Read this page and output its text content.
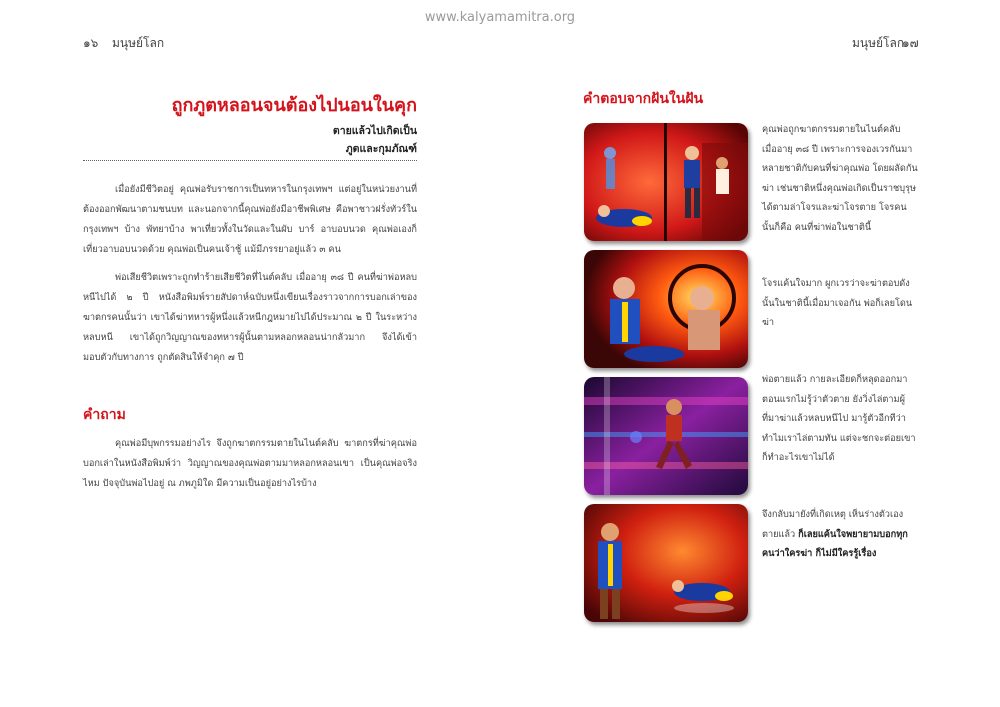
www.kalyamamitra.org
๑๖ มนุษย์โลก	มนุษย์โลก
๑๗
ถูกภูตหลอนจนต้องไปนอนในคุก
ตายแล้วไปเกิดเป็น
ภูตและกุมภัณฑ์
เมื่อยังมีชีวิตอยู่ คุณพ่อรับราชการเป็นทหารในกรุงเทพฯ แต่อยู่ในหน่วยงานที่ต้องออกพัฒนาตามชนบท และนอกจากนี้คุณพ่อยังมีอาชีพพิเศษ คือพาชาวฝรั่งทัวร์ในกรุงเทพฯ บ้าง พัทยาบ้าง พาเที่ยวทั้งในวัดและในผับ บาร์ อาบอบนวด คุณพ่อเองก็เที่ยวอาบอบนวดด้วย คุณพ่อเป็นคนเจ้าชู้ แม้มีภรรยาอยู่แล้ว ๓ คน
พ่อเสียชีวิตเพราะถูกทำร้ายเสียชีวิตที่ไนต์คลับ เมื่ออายุ ๓๘ ปี คนที่ฆ่าพ่อหลบหนีไปได้ ๒ ปี หนังสือพิมพ์รายสัปดาห์ฉบับหนึ่งเขียนเรื่องราวจากการบอกเล่าของฆาตกรคนนั้นว่า เขาได้ฆ่าทหารผู้หนึ่งแล้วหนีกฎหมายไปได้ประมาณ ๒ ปี ในระหว่างหลบหนี เขาได้ถูกวิญญาณของทหารผู้นั้นตามหลอกหลอนน่ากลัวมาก จึงได้เข้ามอบตัวกับทางการ ถูกตัดสินให้จำคุก ๗ ปี
คำถาม
คุณพ่อมีบุพกรรมอย่างไร จึงถูกฆาตกรรมตายในไนต์คลับ ฆาตกรที่ฆ่าคุณพ่อบอกเล่าในหนังสือพิมพ์ว่า วิญญาณของคุณพ่อตามมาหลอกหลอนเขา เป็นคุณพ่อจริงไหม ปัจจุบันพ่อไปอยู่ ณ ภพภูมิใด มีความเป็นอยู่อย่างไรบ้าง
คำตอบจากฝันในฝัน
คุณพ่อถูกฆาตกรรมตายในไนต์คลับ เมื่ออายุ ๓๘ ปี เพราะการจองเวรกันมาหลายชาติกับคนที่ฆ่าคุณพ่อ โดยผลัดกันฆ่า เช่นชาติหนึ่งคุณพ่อเกิดเป็นราชบุรุษ ได้ตามล่าโจรและฆ่าโจรตาย โจรคนนั้นก็คือ คนที่ฆ่าพ่อในชาตินี้
โจรแค้นใจมาก ผูกเวรว่าจะฆ่าตอบดังนั้นในชาตินี้เมื่อมาเจอกัน พ่อก็เลยโดนฆ่า
พ่อตายแล้ว กายละเอียดก็หลุดออกมาตอนแรกไม่รู้ว่าตัวตาย ยังวิ่งไล่ตามผู้ที่มาฆ่าแล้วหลบหนีไป มารู้ตัวอีกทีว่าทำไมเราไล่ตามทัน แต่จะชกจะต่อยเขาก็ทำอะไรเขาไม่ได้
จึงกลับมายังที่เกิดเหตุ เห็นร่างตัวเองตายแล้ว ก็เลยแค้นใจพยายามบอกทุกคนว่าใครฆ่า ก็ไม่มีใครรู้เรื่อง
